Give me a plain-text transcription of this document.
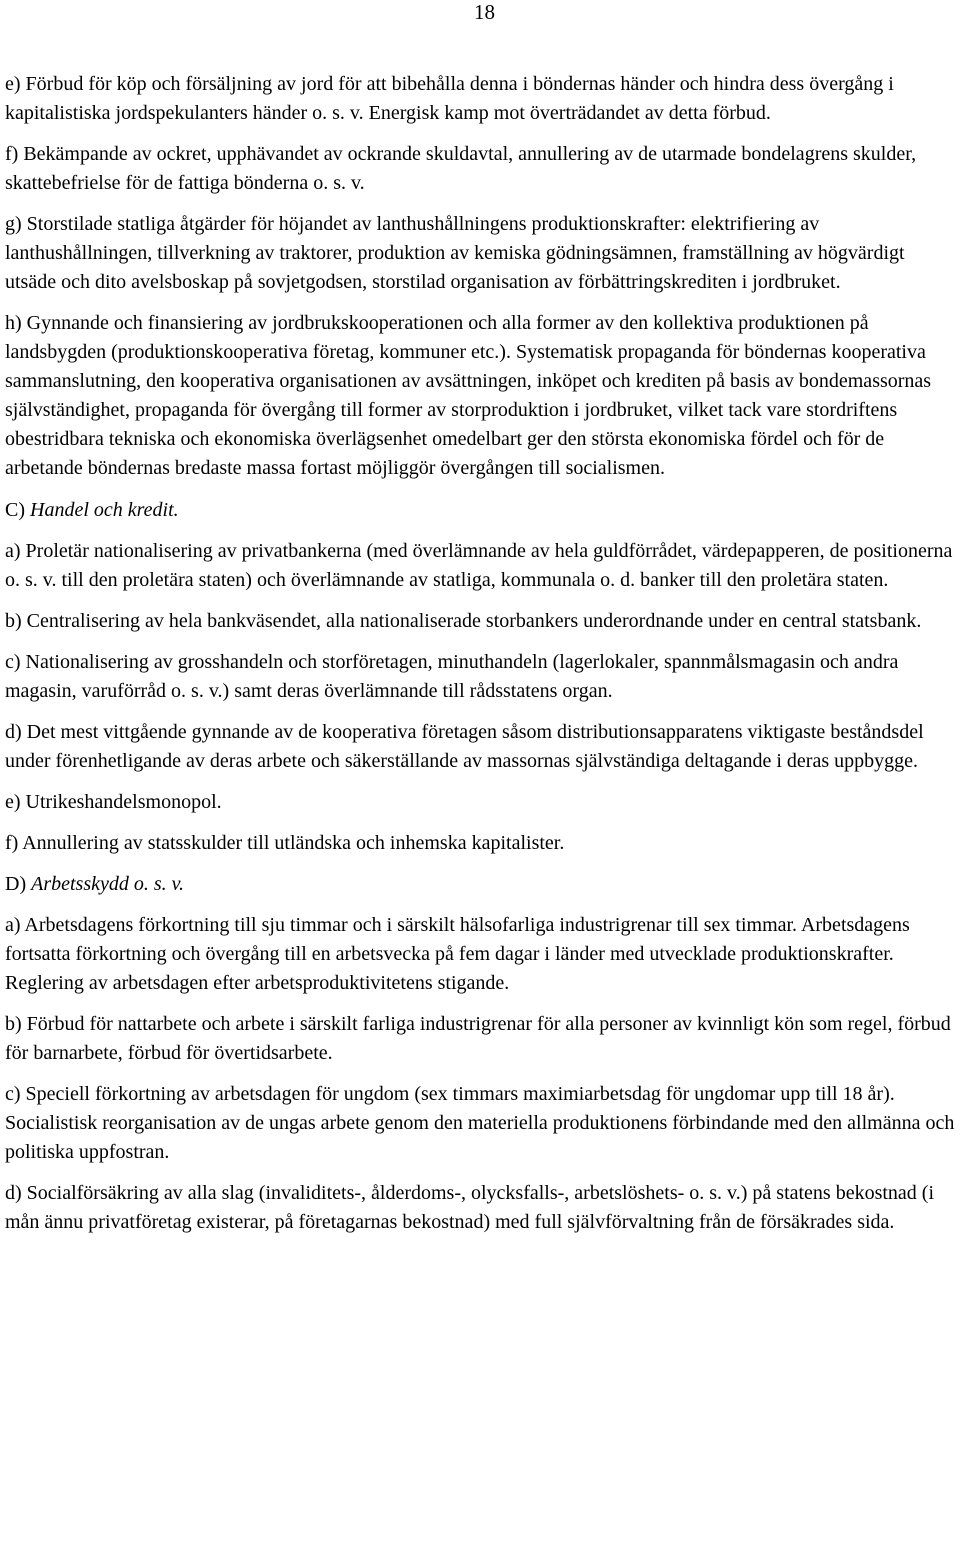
18

e) Förbud för köp och försäljning av jord för att bibehålla denna i böndernas händer och hindra dess övergång i kapitalistiska jordspekulanters händer o. s. v. Energisk kamp mot överträdandet av detta förbud.

f) Bekämpande av ockret, upphävandet av ockrande skuldavtal, annullering av de utarmade bondelagrens skulder, skattebefrielse för de fattiga bönderna o. s. v.

g) Storstilade statliga åtgärder för höjandet av lanthushållningens produktionskrafter: elektrifiering av lanthushållningen, tillverkning av traktorer, produktion av kemiska gödningsämnen, framställning av högvärdigt utsäde och dito avelsboskap på sovjetgodsen, storstilad organisation av förbättringskrediten i jordbruket.

h) Gynnande och finansiering av jordbrukskooperationen och alla former av den kollektiva produktionen på landsbygden (produktionskooperativa företag, kommuner etc.). Systematisk propaganda för böndernas kooperativa sammanslutning, den kooperativa organisationen av avsättningen, inköpet och krediten på basis av bondemassornas självständighet, propaganda för övergång till former av storproduktion i jordbruket, vilket tack vare stordriftens obestridbara tekniska och ekonomiska överlägsenhet omedelbart ger den största ekonomiska fördel och för de arbetande böndernas bredaste massa fortast möjliggör övergången till socialismen.

C) Handel och kredit.

a) Proletär nationalisering av privatbankerna (med överlämnande av hela guldförrådet, värdepapperen, de positionerna o. s. v. till den proletära staten) och överlämnande av statliga, kommunala o. d. banker till den proletära staten.

b) Centralisering av hela bankväsendet, alla nationaliserade storbankers underordnande under en central statsbank.

c) Nationalisering av grosshandeln och storföretagen, minuthandeln (lagerlokaler, spannmålsmagasin och andra magasin, varuförråd o. s. v.) samt deras överlämnande till rådsstatens organ.

d) Det mest vittgående gynnande av de kooperativa företagen såsom distributionsapparatens viktigaste beståndsdel under förenhetligande av deras arbete och säkerställande av massornas självständiga deltagande i deras uppbygge.

e) Utrikeshandelsmonopol.

f) Annullering av statsskulder till utländska och inhemska kapitalister.

D) Arbetsskydd o. s. v.

a) Arbetsdagens förkortning till sju timmar och i särskilt hälsofarliga industrigrenar till sex timmar. Arbetsdagens fortsatta förkortning och övergång till en arbetsvecka på fem dagar i länder med utvecklade produktionskrafter. Reglering av arbetsdagen efter arbetsproduktivitetens stigande.

b) Förbud för nattarbete och arbete i särskilt farliga industrigrenar för alla personer av kvinnligt kön som regel, förbud för barnarbete, förbud för övertidsarbete.

c) Speciell förkortning av arbetsdagen för ungdom (sex timmars maximiarbetsdag för ungdomar upp till 18 år). Socialistisk reorganisation av de ungas arbete genom den materiella produktionens förbindande med den allmänna och politiska uppfostran.

d) Socialförsäkring av alla slag (invaliditets-, ålderdoms-, olycksfalls-, arbetslöshets- o. s. v.) på statens bekostnad (i mån ännu privatföretag existerar, på företagarnas bekostnad) med full självförvaltning från de försäkrades sida.
